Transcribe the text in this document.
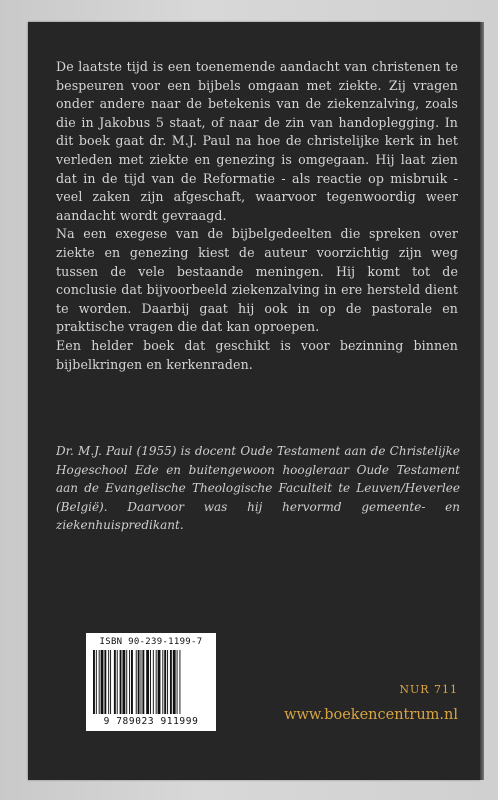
De laatste tijd is een toenemende aandacht van christenen te bespeuren voor een bijbels omgaan met ziekte. Zij vragen onder andere naar de betekenis van de ziekenzalving, zoals die in Jakobus 5 staat, of naar de zin van handoplegging. In dit boek gaat dr. M.J. Paul na hoe de christelijke kerk in het verleden met ziekte en genezing is omgegaan. Hij laat zien dat in de tijd van de Reformatie - als reactie op misbruik - veel zaken zijn afgeschaft, waarvoor tegenwoordig weer aandacht wordt gevraagd.

Na een exegese van de bijbelgedeelten die spreken over ziekte en genezing kiest de auteur voorzichtig zijn weg tussen de vele bestaande meningen. Hij komt tot de conclusie dat bijvoorbeeld ziekenzalving in ere hersteld dient te worden. Daarbij gaat hij ook in op de pastorale en praktische vragen die dat kan oproepen.

Een helder boek dat geschikt is voor bezinning binnen bijbelkringen en kerkenraden.

Dr. M.J. Paul (1955) is docent Oude Testament aan de Christelijke Hogeschool Ede en buitengewoon hoogleraar Oude Testament aan de Evangelische Theologische Faculteit te Leuven/Heverlee (België). Daarvoor was hij hervormd gemeente- en ziekenhuispredikant.
ISBN 90-239-1199-7
9 789023 911999
NUR 711
www.boekencentrum.nl
